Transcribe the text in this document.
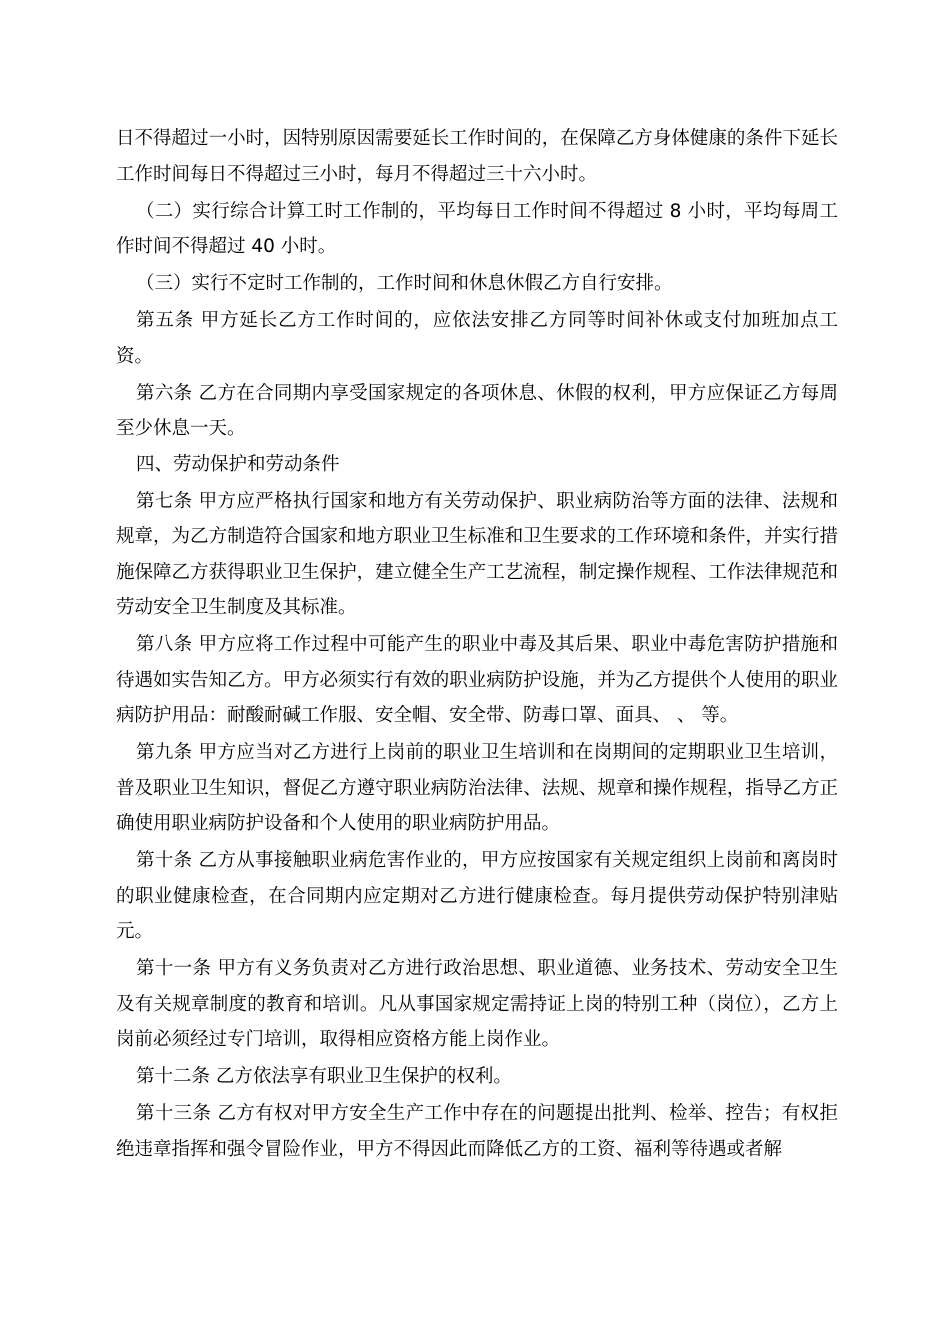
日不得超过一小时，因特别原因需要延长工作时间的，在保障乙方身体健康的条件下延长工作时间每日不得超过三小时，每月不得超过三十六小时。

（二）实行综合计算工时工作制的，平均每日工作时间不得超过 8 小时，平均每周工作时间不得超过 40 小时。

（三）实行不定时工作制的，工作时间和休息休假乙方自行安排。

第五条 甲方延长乙方工作时间的，应依法安排乙方同等时间补休或支付加班加点工资。

第六条 乙方在合同期内享受国家规定的各项休息、休假的权利，甲方应保证乙方每周至少休息一天。

四、劳动保护和劳动条件

第七条 甲方应严格执行国家和地方有关劳动保护、职业病防治等方面的法律、法规和规章，为乙方制造符合国家和地方职业卫生标准和卫生要求的工作环境和条件，并实行措施保障乙方获得职业卫生保护，建立健全生产工艺流程，制定操作规程、工作法律规范和劳动安全卫生制度及其标准。

第八条 甲方应将工作过程中可能产生的职业中毒及其后果、职业中毒危害防护措施和待遇如实告知乙方。甲方必须实行有效的职业病防护设施，并为乙方提供个人使用的职业病防护用品：耐酸耐碱工作服、安全帽、安全带、防毒口罩、面具、 、 等。

第九条 甲方应当对乙方进行上岗前的职业卫生培训和在岗期间的定期职业卫生培训，普及职业卫生知识，督促乙方遵守职业病防治法律、法规、规章和操作规程，指导乙方正确使用职业病防护设备和个人使用的职业病防护用品。

第十条 乙方从事接触职业病危害作业的，甲方应按国家有关规定组织上岗前和离岗时的职业健康检查，在合同期内应定期对乙方进行健康检查。每月提供劳动保护特别津贴 元。

第十一条 甲方有义务负责对乙方进行政治思想、职业道德、业务技术、劳动安全卫生及有关规章制度的教育和培训。凡从事国家规定需持证上岗的特别工种（岗位），乙方上岗前必须经过专门培训，取得相应资格方能上岗作业。

第十二条 乙方依法享有职业卫生保护的权利。

第十三条 乙方有权对甲方安全生产工作中存在的问题提出批判、检举、控告；有权拒绝违章指挥和强令冒险作业，甲方不得因此而降低乙方的工资、福利等待遇或者解
